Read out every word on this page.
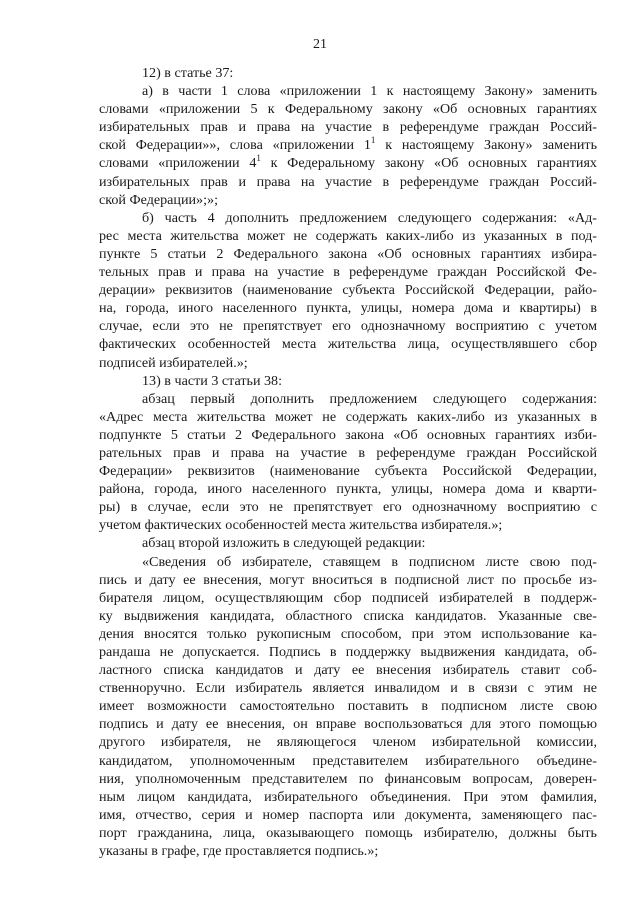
21
12) в статье 37:
а) в части 1 слова «приложении 1 к настоящему Закону» заменить
словами «приложении 5 к Федеральному закону «Об основных гарантиях
избирательных прав и права на участие в референдуме граждан Россий-
ской Федерации»», слова «приложении $1^1$ к настоящему Закону» заменить
словами «приложении $4^1$ к Федеральному закону «Об основных гарантиях
избирательных прав и права на участие в референдуме граждан Россий-
ской Федерации»;»;
б) часть 4 дополнить предложением следующего содержания: «Ад-
рес места жительства может не содержать каких-либо из указанных в под-
пункте 5 статьи 2 Федерального закона «Об основных гарантиях избира-
тельных прав и права на участие в референдуме граждан Российской Фе-
дерации» реквизитов (наименование субъекта Российской Федерации, райо-
на, города, иного населенного пункта, улицы, номера дома и квартиры) в
случае, если это не препятствует его однозначному восприятию с учетом
фактических особенностей места жительства лица, осуществлявшего сбор
подписей избирателей.»;
13) в части 3 статьи 38:
абзац первый дополнить предложением следующего содержания:
«Адрес места жительства может не содержать каких-либо из указанных в
подпункте 5 статьи 2 Федерального закона «Об основных гарантиях изби-
рательных прав и права на участие в референдуме граждан Российской
Федерации» реквизитов (наименование субъекта Российской Федерации,
района, города, иного населенного пункта, улицы, номера дома и кварти-
ры) в случае, если это не препятствует его однозначному восприятию с
учетом фактических особенностей места жительства избирателя.»;
абзац второй изложить в следующей редакции:
«Сведения об избирателе, ставящем в подписном листе свою под-
пись и дату ее внесения, могут вноситься в подписной лист по просьбе из-
бирателя лицом, осуществляющим сбор подписей избирателей в поддерж-
ку выдвижения кандидата, областного списка кандидатов. Указанные све-
дения вносятся только рукописным способом, при этом использование ка-
рандаша не допускается. Подпись в поддержку выдвижения кандидата, об-
ластного списка кандидатов и дату ее внесения избиратель ставит соб-
ственноручно. Если избиратель является инвалидом и в связи с этим не
имеет возможности самостоятельно поставить в подписном листе свою
подпись и дату ее внесения, он вправе воспользоваться для этого помощью
другого избирателя, не являющегося членом избирательной комиссии,
кандидатом, уполномоченным представителем избирательного объедине-
ния, уполномоченным представителем по финансовым вопросам, доверен-
ным лицом кандидата, избирательного объединения. При этом фамилия,
имя, отчество, серия и номер паспорта или документа, заменяющего пас-
порт гражданина, лица, оказывающего помощь избирателю, должны быть
указаны в графе, где проставляется подпись.»;
